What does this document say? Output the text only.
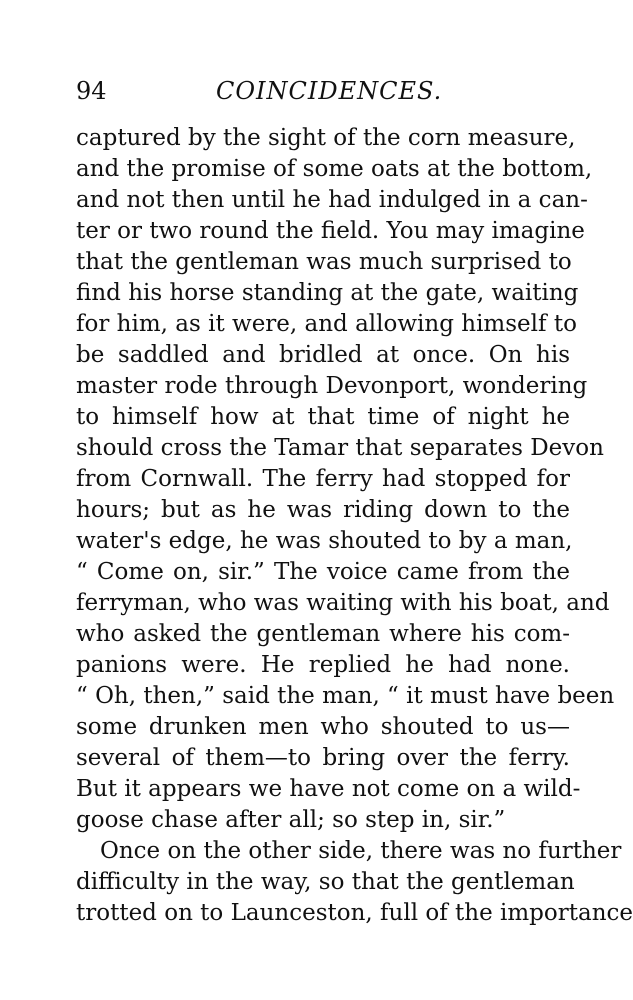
94	COINCIDENCES.
captured by the sight of the corn measure,
and the promise of some oats at the bottom,
and not then until he had indulged in a can-
ter or two round the field. You may imagine
that the gentleman was much surprised to
find his horse standing at the gate, waiting
for him, as it were, and allowing himself to
be saddled and bridled at once. On his
master rode through Devonport, wondering
to himself how at that time of night he
should cross the Tamar that separates Devon
from Cornwall. The ferry had stopped for
hours; but as he was riding down to the
water's edge, he was shouted to by a man,
“ Come on, sir.” The voice came from the
ferryman, who was waiting with his boat, and
who asked the gentleman where his com-
panions were. He replied he had none.
“ Oh, then,” said the man, “ it must have been
some drunken men who shouted to us—
several of them—to bring over the ferry.
But it appears we have not come on a wild-
goose chase after all; so step in, sir.”
Once on the other side, there was no further
difficulty in the way, so that the gentleman
trotted on to Launceston, full of the importance
